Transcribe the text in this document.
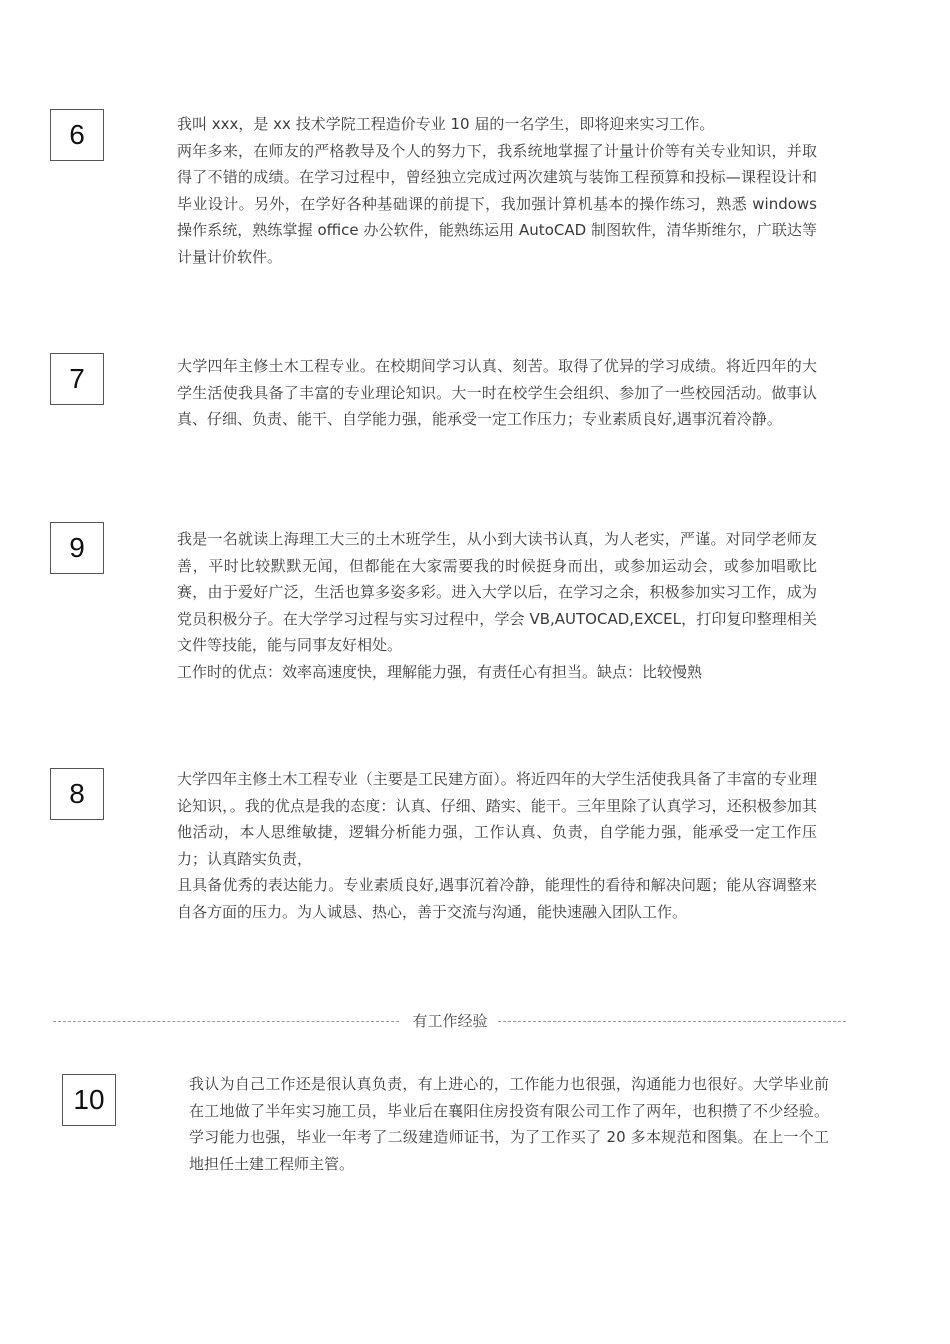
6	我叫 xxx，是 xx 技术学院工程造价专业 10 届的一名学生，即将迎来实习工作。

两年多来，在师友的严格教导及个人的努力下，我系统地掌握了计量计价等有关专业知识，并取得了不错的成绩。在学习过程中，曾经独立完成过两次建筑与装饰工程预算和投标—课程设计和毕业设计。另外，在学好各种基础课的前提下，我加强计算机基本的操作练习，熟悉 windows 操作系统，熟练掌握 office 办公软件，能熟练运用 AutoCAD 制图软件，清华斯维尔，广联达等计量计价软件。

7	大学四年主修土木工程专业。在校期间学习认真、刻苦。取得了优异的学习成绩。将近四年的大学生活使我具备了丰富的专业理论知识。大一时在校学生会组织、参加了一些校园活动。做事认真、仔细、负责、能干、自学能力强，能承受一定工作压力；专业素质良好,遇事沉着冷静。

9	我是一名就读上海理工大三的土木班学生，从小到大读书认真，为人老实，严谨。对同学老师友善，平时比较默默无闻，但都能在大家需要我的时候挺身而出，或参加运动会，或参加唱歌比赛，由于爱好广泛，生活也算多姿多彩。进入大学以后，在学习之余，积极参加实习工作，成为党员积极分子。在大学学习过程与实习过程中，学会 VB,AUTOCAD,EXCEL，打印复印整理相关文件等技能，能与同事友好相处。

工作时的优点：效率高速度快，理解能力强，有责任心有担当。缺点：比较慢熟

8	大学四年主修土木工程专业（主要是工民建方面）。将近四年的大学生活使我具备了丰富的专业理论知识，。我的优点是我的态度：认真、仔细、踏实、能干。三年里除了认真学习，还积极参加其他活动，本人思维敏捷，逻辑分析能力强，工作认真、负责，自学能力强，能承受一定工作压力；认真踏实负责，

且具备优秀的表达能力。专业素质良好,遇事沉着冷静，能理性的看待和解决问题；能从容调整来自各方面的压力。为人诚恳、热心，善于交流与沟通，能快速融入团队工作。

有工作经验
10	我认为自己工作还是很认真负责，有上进心的，工作能力也很强，沟通能力也很好。大学毕业前在工地做了半年实习施工员，毕业后在襄阳住房投资有限公司工作了两年，也积攒了不少经验。学习能力也强，毕业一年考了二级建造师证书，为了工作买了 20 多本规范和图集。在上一个工地担任土建工程师主管。
